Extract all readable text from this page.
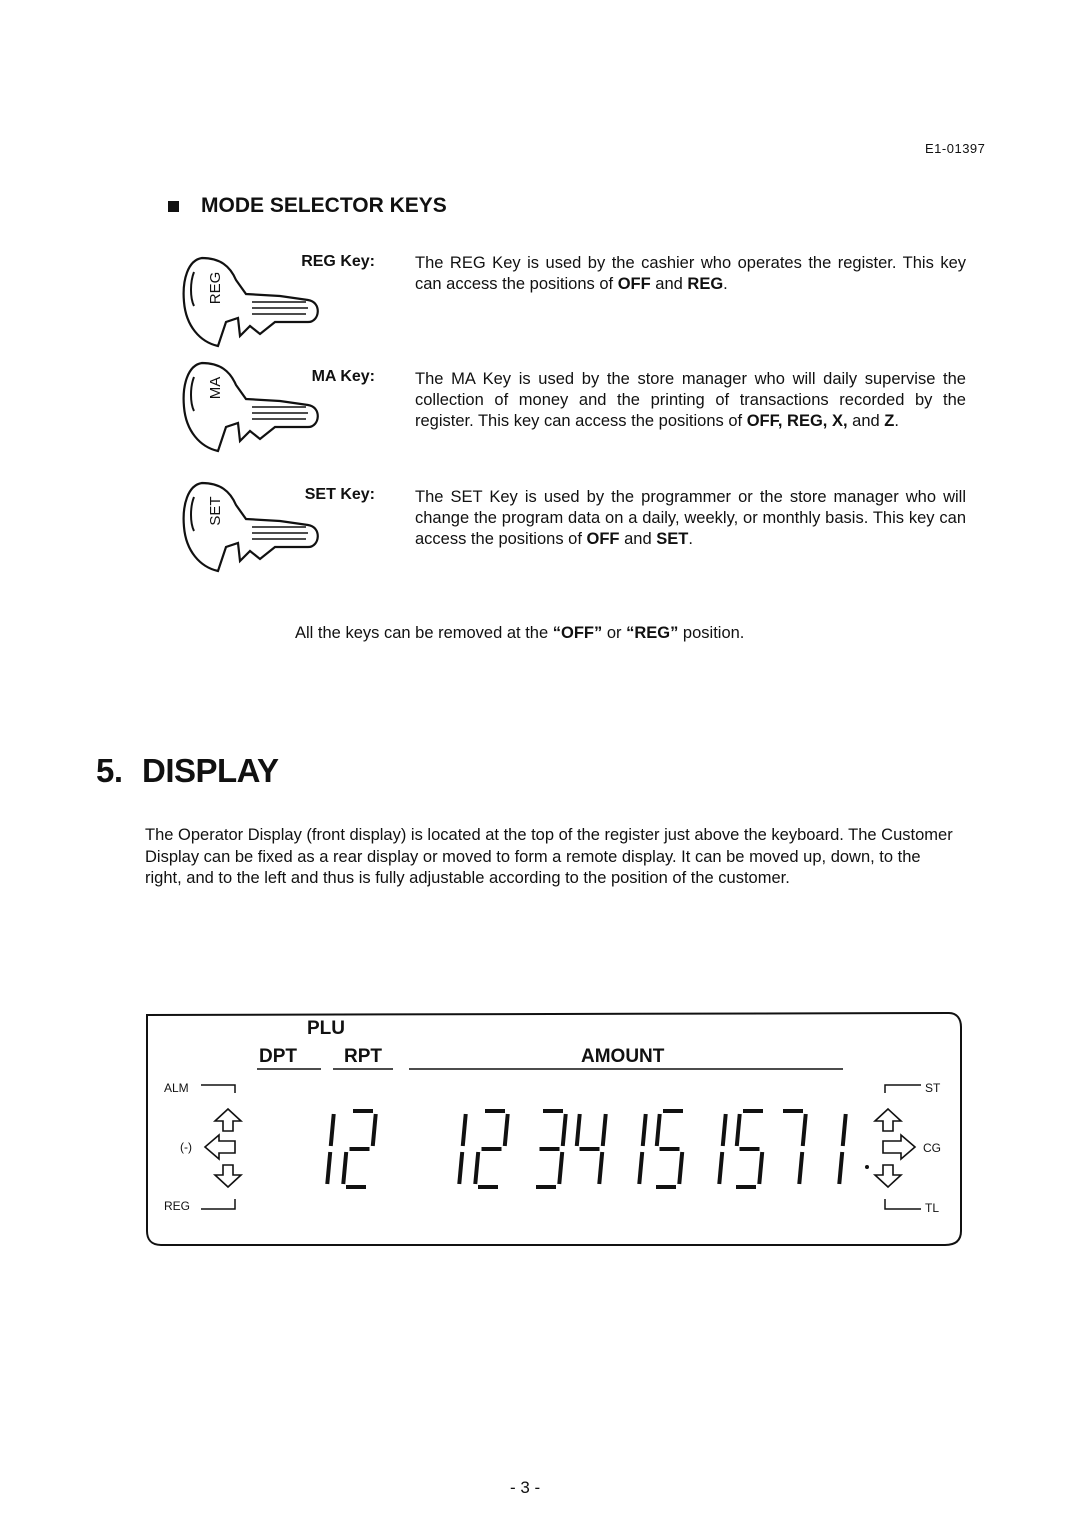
E1-01397
MODE SELECTOR KEYS
REG
REG Key: The REG Key is used by the cashier who operates the register. This key can access the positions of OFF and REG.
MA
MA Key: The MA Key is used by the store manager who will daily supervise the collection of money and the printing of transactions recorded by the register. This key can access the positions of OFF, REG, X, and Z.
SET
SET Key: The SET Key is used by the programmer or the store manager who will change the program data on a daily, weekly, or monthly basis. This key can access the positions of OFF and SET.
All the keys can be removed at the “OFF” or “REG” position.
5. DISPLAY
The Operator Display (front display) is located at the top of the register just above the keyboard. The Customer Display can be fixed as a rear display or moved to form a remote display. It can be moved up, down, to the right, and to the left and thus is fully adjustable according to the position of the customer.
PLU
DPT RPT	AMOUNT
ALM
(-)
REG
ST
CG
TL
- 3 -
